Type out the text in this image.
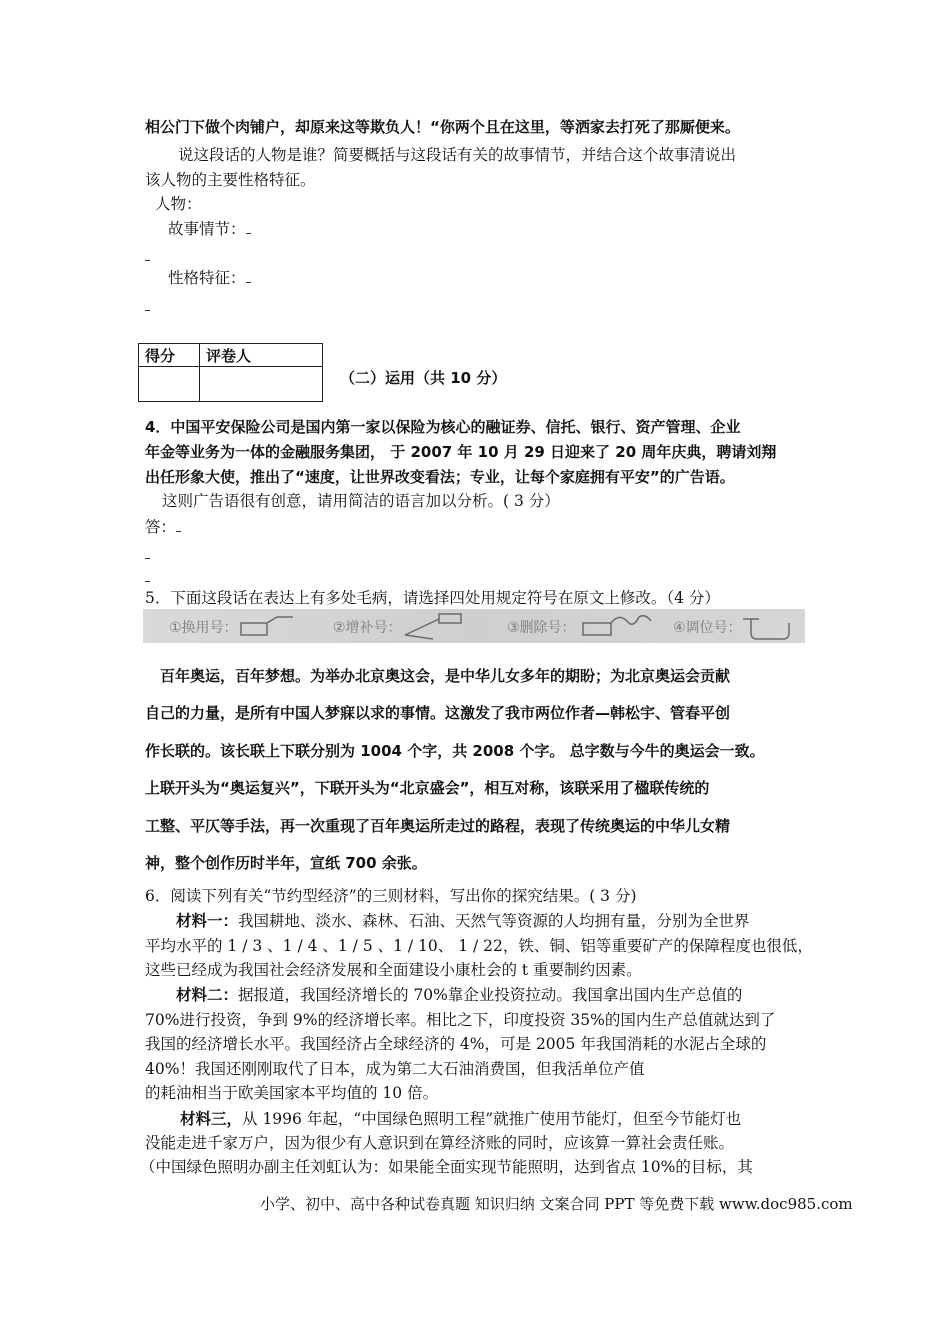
相公门下做个肉铺户，却原来这等欺负人！“你两个且在这里，等洒家去打死了那厮便来。
说这段话的人物是谁？简要概括与这段话有关的故事情节，并结合这个故事清说出
该人物的主要性格特征。
人物：
故事情节：
性格特征：
得分	评卷人

（二）运用（共 10 分）
4．中国平安保险公司是国内第一家以保险为核心的融证券、信托、银行、资产管理、企业
年金等业务为一体的金融服务集团， 于 2007 年 10 月 29 日迎来了 20 周年庆典，聘请刘翔
出任形象大使，推出了“速度，让世界改变看法；专业，让每个家庭拥有平安”的广告语。
这则广告语很有创意，请用简洁的语言加以分析。( 3 分）
答：
5．下面这段话在表达上有多处毛病，请选择四处用规定符号在原文上修改。（4 分）
①换用号：	②增补号：	③删除号：	④调位号：
百年奥运，百年梦想。为举办北京奥这会，是中华儿女多年的期盼；为北京奥运会贡献
自己的力量，是所有中国人梦寐以求的事情。这激发了我市两位作者—韩松宇、管春平创
作长联的。该长联上下联分别为 1004 个字，共 2008 个字。 总字数与今牛的奥运会一致。
上联开头为“奥运复兴”，下联开头为“北京盛会”，相互对称，该联采用了楹联传统的
工整、平仄等手法，再一次重现了百年奥运所走过的路程，表现了传统奥运的中华儿女精
神，整个创作历时半年，宣纸 700 余张。
6．阅读下列有关“节约型经济”的三则材料，写出你的探究结果。( 3 分)
材料一：我国耕地、淡水、森林、石油、天然气等资源的人均拥有量，分别为全世界
平均水平的 1 / 3 、1 / 4 、1 / 5 、1 / 10、 1 / 22，铁、铜、铝等重要矿产的保障程度也很低，
这些已经成为我国社会经济发展和全面建设小康杜会的 t 重要制约因素。
材料二：据报道，我国经济增长的 70%靠企业投资拉动。我国拿出国内生产总值的
70%进行投资，争到 9%的经济增长率。相比之下，印度投资 35%的国内生产总值就达到了
我国的经济增长水平。我国经济占全球经济的 4%，可是 2005 年我国消耗的水泥占全球的
40%！我国还刚刚取代了日本，成为第二大石油消费国，但我活单位产值
的耗油相当于欧美国家本平均值的 10 倍。
材料三，从 1996 年起，“中国绿色照明工程”就推广使用节能灯，但至今节能灯也
没能走进千家万户，因为很少有人意识到在算经济账的同时，应该算一算社会责任账。
（中国绿色照明办副主任刘虹认为：如果能全面实现节能照明，达到省点 10%的目标，其
小学、初中、高中各种试卷真题 知识归纳 文案合同 PPT 等免费下载 www.doc985.com
